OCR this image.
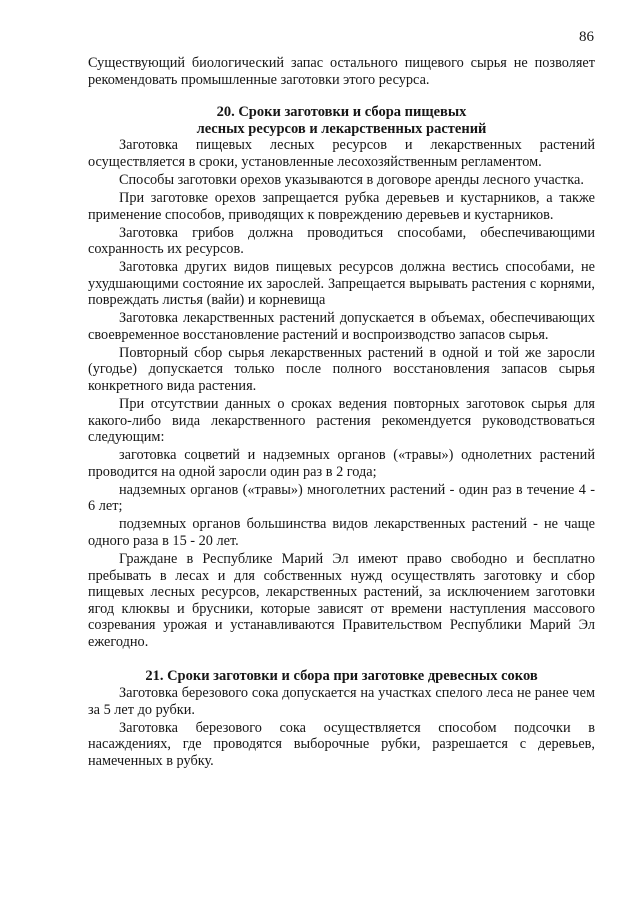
86

Существующий биологический запас остального пищевого сырья не позволяет рекомендовать промышленные заготовки этого ресурса.

20. Сроки заготовки и сбора пищевых
лесных ресурсов и лекарственных растений

Заготовка пищевых лесных ресурсов и лекарственных растений осуществляется в сроки, установленные лесохозяйственным регламентом.

Способы заготовки орехов указываются в договоре аренды лесного участка.

При заготовке орехов запрещается рубка деревьев и кустарников, а также применение способов, приводящих к повреждению деревьев и кустарников.

Заготовка грибов должна проводиться способами, обеспечивающими сохранность их ресурсов.

Заготовка других видов пищевых ресурсов должна вестись способами, не ухудшающими состояние их зарослей. Запрещается вырывать растения с корнями, повреждать листья (вайи) и корневища

Заготовка лекарственных растений допускается в объемах, обеспечивающих своевременное восстановление растений и воспроизводство запасов сырья.

Повторный сбор сырья лекарственных растений в одной и той же заросли (угодье) допускается только после полного восстановления запасов сырья конкретного вида растения.

При отсутствии данных о сроках ведения повторных заготовок сырья для какого-либо вида лекарственного растения рекомендуется руководствоваться следующим:

заготовка соцветий и надземных органов («травы») однолетних растений проводится на одной заросли один раз в 2 года;

надземных органов («травы») многолетних растений - один раз в течение 4 - 6 лет;

подземных органов большинства видов лекарственных растений - не чаще одного раза в 15 - 20 лет.

Граждане в Республике Марий Эл имеют право свободно и бесплатно пребывать в лесах и для собственных нужд осуществлять заготовку и сбор пищевых лесных ресурсов, лекарственных растений, за исключением заготовки ягод клюквы и брусники, которые зависят от времени наступления массового созревания урожая и устанавливаются Правительством Республики Марий Эл ежегодно.

21. Сроки заготовки и сбора при заготовке древесных соков

Заготовка березового сока допускается на участках спелого леса не ранее чем за 5 лет до рубки.

Заготовка березового сока осуществляется способом подсочки в насаждениях, где проводятся выборочные рубки, разрешается с деревьев, намеченных в рубку.
